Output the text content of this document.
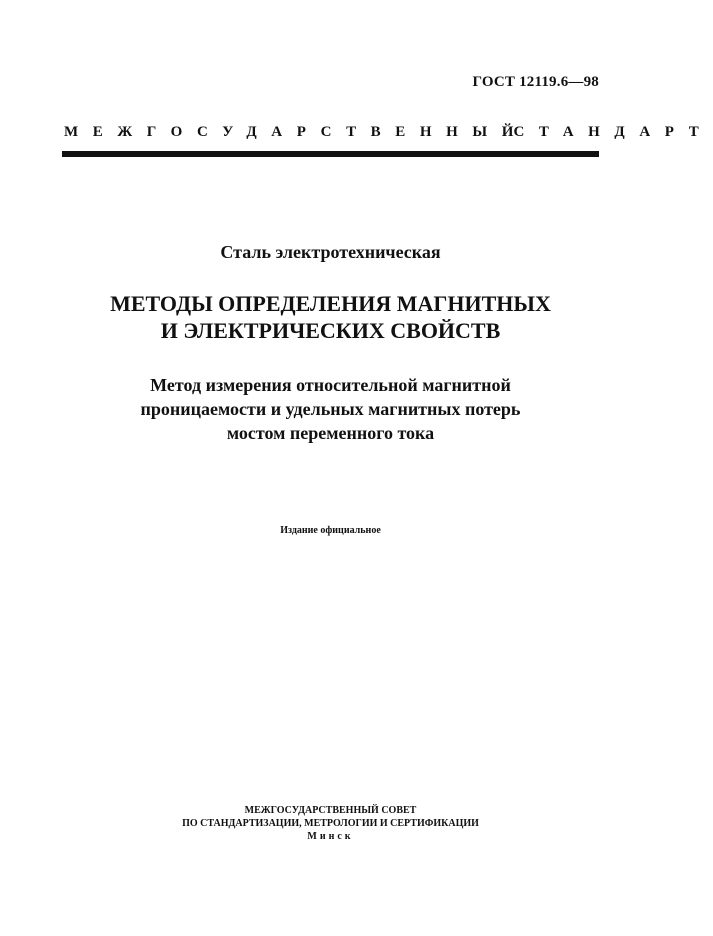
ГОСТ 12119.6—98
МЕЖГОСУДАРСТВЕННЫЙ
СТАНДАРТ
Сталь электротехническая
МЕТОДЫ ОПРЕДЕЛЕНИЯ МАГНИТНЫХ
И ЭЛЕКТРИЧЕСКИХ СВОЙСТВ
Метод измерения относительной магнитной
проницаемости и удельных магнитных потерь
мостом переменного тока
Издание официальное
МЕЖГОСУДАРСТВЕННЫЙ СОВЕТ
ПО СТАНДАРТИЗАЦИИ, МЕТРОЛОГИИ И СЕРТИФИКАЦИИ
Минск
